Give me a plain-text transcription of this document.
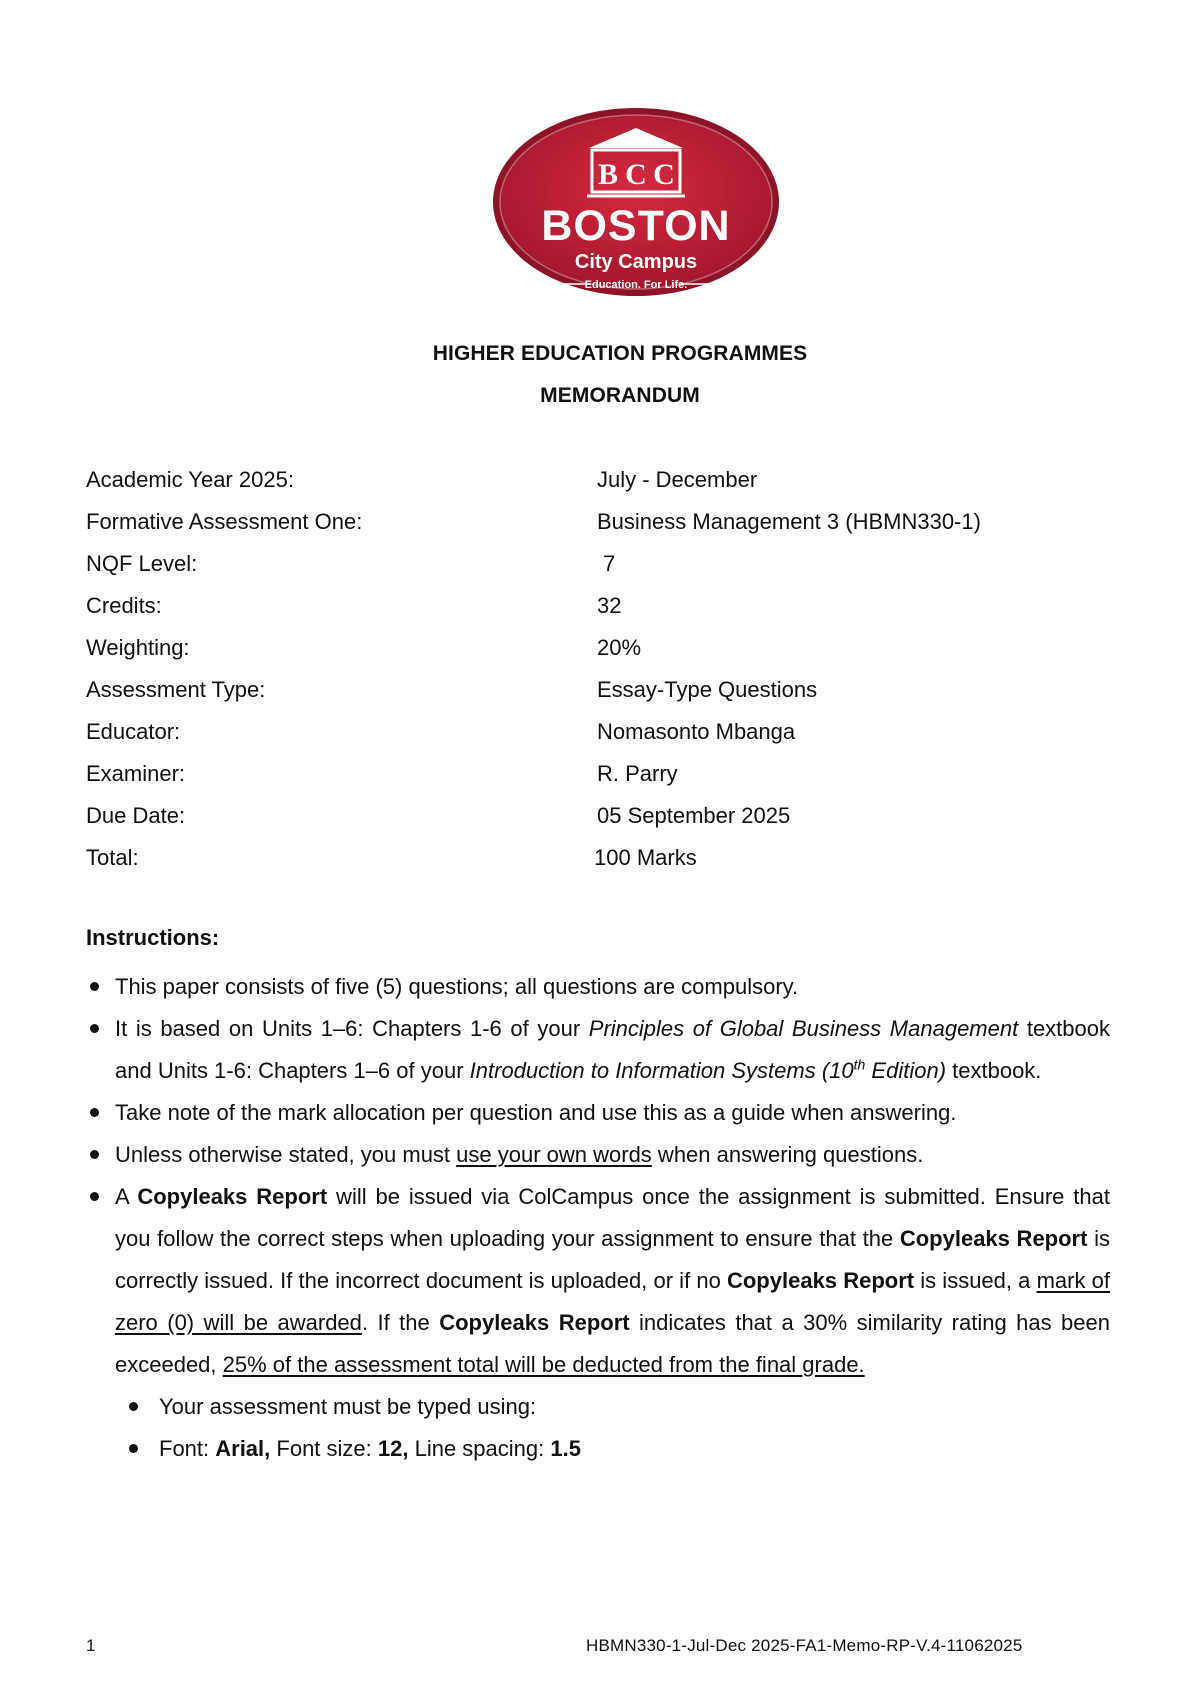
B C C
BOSTON
City Campus
Education. For Life.
HIGHER EDUCATION PROGRAMMES
MEMORANDUM
Academic Year 2025:	July - December
Formative Assessment One:	Business Management 3 (HBMN330-1)
NQF Level:	7
Credits:	32
Weighting:	20%
Assessment Type:	Essay-Type Questions
Educator:	Nomasonto Mbanga
Examiner:	R. Parry
Due Date:	05 September 2025
Total:	100 Marks
Instructions:
This paper consists of five (5) questions; all questions are compulsory.
It is based on Units 1–6: Chapters 1-6 of your Principles of Global Business Management textbook and Units 1-6: Chapters 1–6 of your Introduction to Information Systems (10th Edition) textbook.
Take note of the mark allocation per question and use this as a guide when answering.
Unless otherwise stated, you must use your own words when answering questions.
A Copyleaks Report will be issued via ColCampus once the assignment is submitted. Ensure that you follow the correct steps when uploading your assignment to ensure that the Copyleaks Report is correctly issued. If the incorrect document is uploaded, or if no Copyleaks Report is issued, a mark of zero (0) will be awarded. If the Copyleaks Report indicates that a 30% similarity rating has been exceeded, 25% of the assessment total will be deducted from the final grade.
Your assessment must be typed using:
Font: Arial, Font size: 12, Line spacing: 1.5
1	HBMN330-1-Jul-Dec 2025-FA1-Memo-RP-V.4-11062025
